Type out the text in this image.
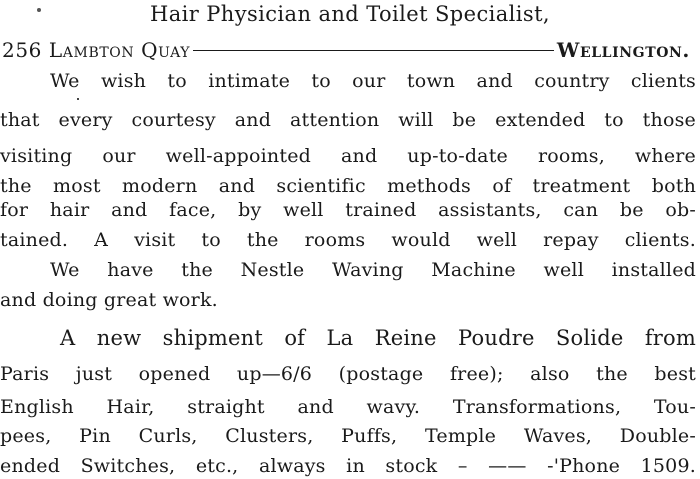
Hair Physician and Toilet Specialist,
256 Lambton Quay	Wellington.
We wish to intimate to our town and country clients
that every courtesy and attention will be extended to those
visiting our well-appointed and up-to-date rooms, where
the most modern and scientific methods of treatment both
for hair and face, by well trained assistants, can be ob-
tained. A visit to the rooms would well repay clients.
We have the Nestle Waving Machine well installed
and doing great work.
A new shipment of La Reine Poudre Solide from
Paris just opened up—6/6 (postage free); also the best
English Hair, straight and wavy. Transformations, Tou-
pees, Pin Curls, Clusters, Puffs, Temple Waves, Double-
ended Switches, etc., always in stock – —— -'Phone 1509.
